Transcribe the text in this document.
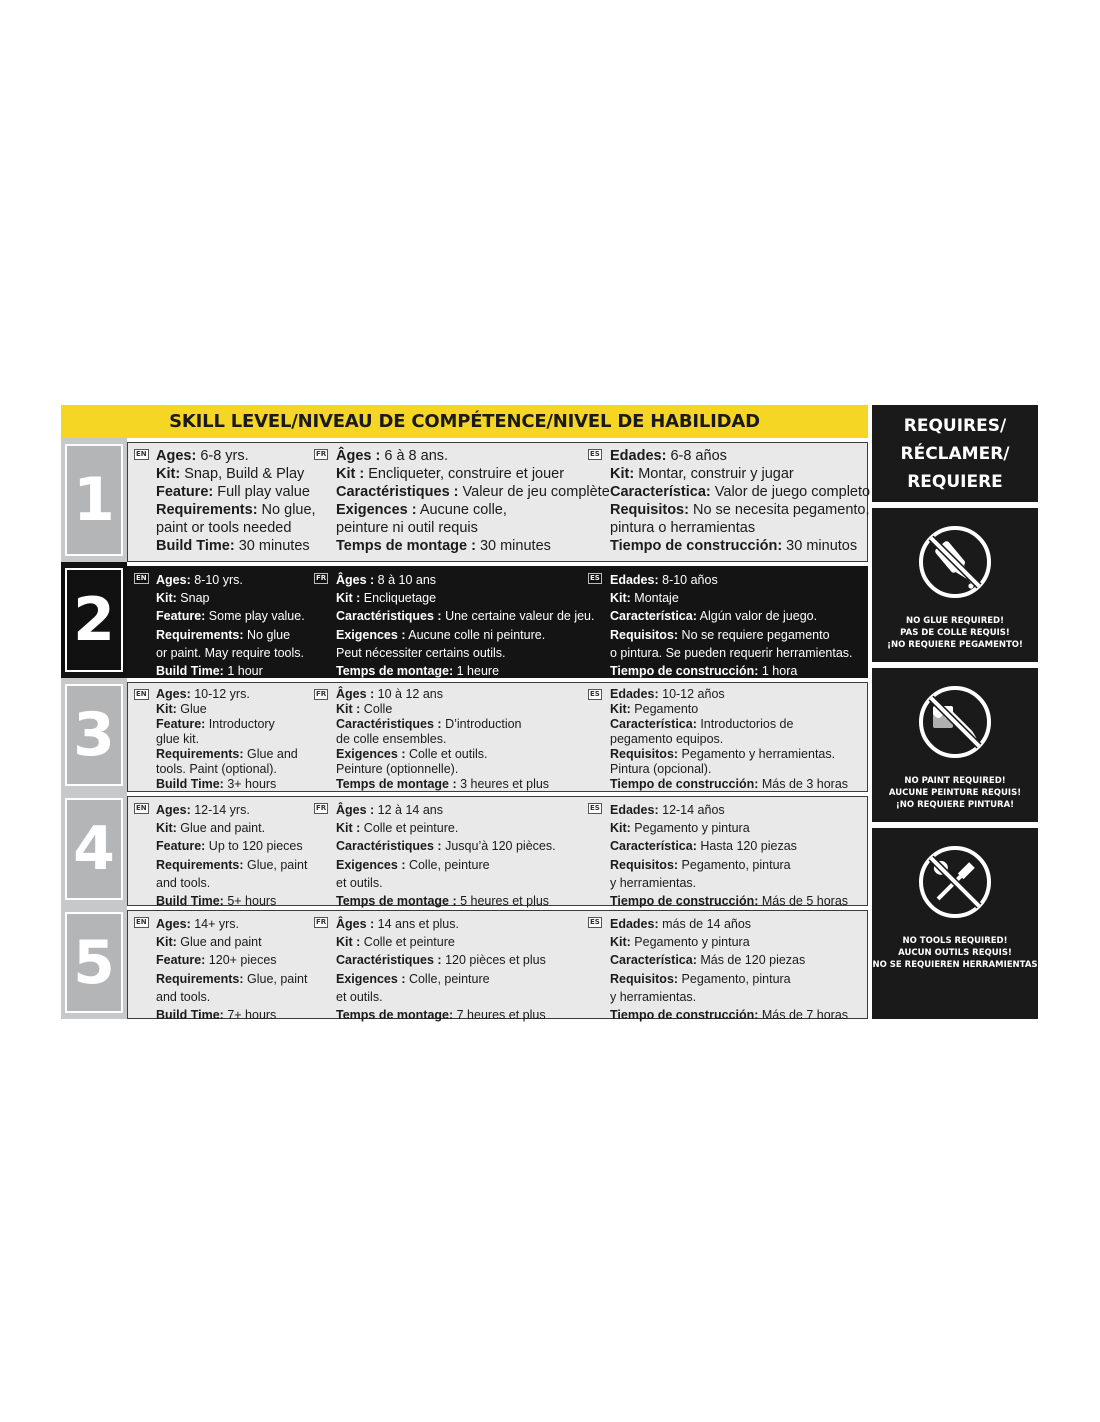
SKILL LEVEL/NIVEAU DE COMPÉTENCE/NIVEL DE HABILIDAD
1
EN Ages: 6-8 yrs.
Kit: Snap, Build & Play
Feature: Full play value
Requirements: No glue,
paint or tools needed
Build Time: 30 minutes
FR Âges : 6 à 8 ans.
Kit : Encliqueter, construire et jouer
Caractéristiques : Valeur de jeu complète
Exigences : Aucune colle,
peinture ni outil requis
Temps de montage : 30 minutes
ES Edades: 6-8 años
Kit: Montar, construir y jugar
Característica: Valor de juego completo
Requisitos: No se necesita pegamento,
pintura o herramientas
Tiempo de construcción: 30 minutos
2
EN Ages: 8-10 yrs.
Kit: Snap
Feature: Some play value.
Requirements: No glue
or paint. May require tools.
Build Time: 1 hour
FR Âges : 8 à 10 ans
Kit : Encliquetage
Caractéristiques : Une certaine valeur de jeu.
Exigences : Aucune colle ni peinture.
Peut nécessiter certains outils.
Temps de montage: 1 heure
ES Edades: 8-10 años
Kit: Montaje
Característica: Algún valor de juego.
Requisitos: No se requiere pegamento
o pintura. Se pueden requerir herramientas.
Tiempo de construcción: 1 hora
3
EN Ages: 10-12 yrs.
Kit: Glue
Feature: Introductory
glue kit.
Requirements: Glue and
tools. Paint (optional).
Build Time: 3+ hours
FR Âges : 10 à 12 ans
Kit : Colle
Caractéristiques : D’introduction
de colle ensembles.
Exigences : Colle et outils.
Peinture (optionnelle).
Temps de montage : 3 heures et plus
ES Edades: 10-12 años
Kit: Pegamento
Característica: Introductorios de
pegamento equipos.
Requisitos: Pegamento y herramientas.
Pintura (opcional).
Tiempo de construcción: Más de 3 horas
4
EN Ages: 12-14 yrs.
Kit: Glue and paint.
Feature: Up to 120 pieces
Requirements: Glue, paint
and tools.
Build Time: 5+ hours
FR Âges : 12 à 14 ans
Kit : Colle et peinture.
Caractéristiques : Jusqu’à 120 pièces.
Exigences : Colle, peinture
et outils.
Temps de montage : 5 heures et plus
ES Edades: 12-14 años
Kit: Pegamento y pintura
Característica: Hasta 120 piezas
Requisitos: Pegamento, pintura
y herramientas.
Tiempo de construcción: Más de 5 horas
5
EN Ages: 14+ yrs.
Kit: Glue and paint
Feature: 120+ pieces
Requirements: Glue, paint
and tools.
Build Time: 7+ hours
FR Âges : 14 ans et plus.
Kit : Colle et peinture
Caractéristiques : 120 pièces et plus
Exigences : Colle, peinture
et outils.
Temps de montage: 7 heures et plus
ES Edades: más de 14 años
Kit: Pegamento y pintura
Característica: Más de 120 piezas
Requisitos: Pegamento, pintura
y herramientas.
Tiempo de construcción: Más de 7 horas
REQUIRES/
RÉCLAMER/
REQUIERE
NO GLUE REQUIRED!
PAS DE COLLE REQUIS!
¡NO REQUIERE PEGAMENTO!
NO PAINT REQUIRED!
AUCUNE PEINTURE REQUIS!
¡NO REQUIERE PINTURA!
NO TOOLS REQUIRED!
AUCUN OUTILS REQUIS!
¡NO SE REQUIEREN HERRAMIENTAS!
